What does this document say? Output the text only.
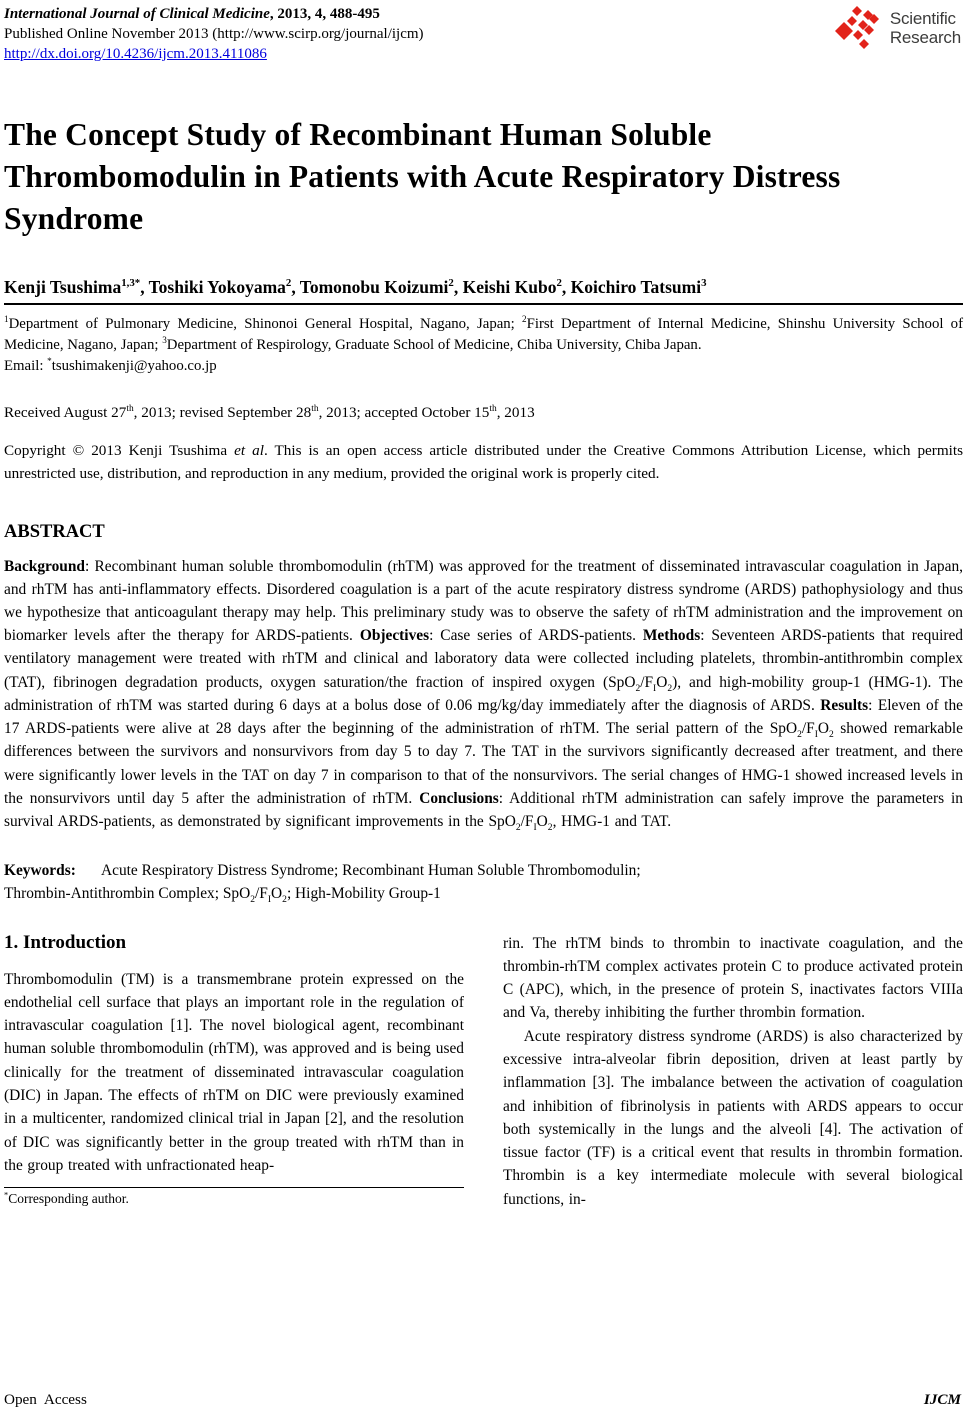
International Journal of Clinical Medicine, 2013, 4, 488-495
Published Online November 2013 (http://www.scirp.org/journal/ijcm)
http://dx.doi.org/10.4236/ijcm.2013.411086
Scientific
Research
The Concept Study of Recombinant Human Soluble Thrombomodulin in Patients with Acute Respiratory Distress Syndrome
Kenji Tsushima$^{1,3*}$, Toshiki Yokoyama$^2$, Tomonobu Koizumi$^2$, Keishi Kubo$^2$, Koichiro Tatsumi$^3$

$^1$Department of Pulmonary Medicine, Shinonoi General Hospital, Nagano, Japan; $^2$First Department of Internal Medicine, Shinshu University School of Medicine, Nagano, Japan; $^3$Department of Respirology, Graduate School of Medicine, Chiba University, Chiba Japan.

Email: *tsushimakenji@yahoo.co.jp

Received August 27th, 2013; revised September 28th, 2013; accepted October 15th, 2013

Copyright © 2013 Kenji Tsushima et al. This is an open access article distributed under the Creative Commons Attribution License, which permits unrestricted use, distribution, and reproduction in any medium, provided the original work is properly cited.

ABSTRACT

Background: Recombinant human soluble thrombomodulin (rhTM) was approved for the treatment of disseminated intravascular coagulation in Japan, and rhTM has anti-inflammatory effects. Disordered coagulation is a part of the acute respiratory distress syndrome (ARDS) pathophysiology and thus we hypothesize that anticoagulant therapy may help. This preliminary study was to observe the safety of rhTM administration and the improvement on biomarker levels after the therapy for ARDS-patients. Objectives: Case series of ARDS-patients. Methods: Seventeen ARDS-patients that required ventilatory management were treated with rhTM and clinical and laboratory data were collected including platelets, thrombin-antithrombin complex (TAT), fibrinogen degradation products, oxygen saturation/the fraction of inspired oxygen $(SpO_2/F_IO_2)$, and high-mobility group-1 (HMG-1). The administration of rhTM was started during 6 days at a bolus dose of 0.06 mg/kg/day immediately after the diagnosis of ARDS. Results: Eleven of the 17 ARDS-patients were alive at 28 days after the beginning of the administration of rhTM. The serial pattern of the $SpO_2/F_IO_2$ showed remarkable differences between the survivors and nonsurvivors from day 5 to day 7. The TAT in the survivors significantly decreased after treatment, and there were significantly lower levels in the TAT on day 7 in comparison to that of the nonsurvivors. The serial changes of HMG-1 showed increased levels in the nonsurvivors until day 5 after the administration of rhTM. Conclusions: Additional rhTM administration can safely improve the parameters in survival ARDS-patients, as demonstrated by significant improvements in the $SpO_2/F_IO_2$, HMG-1 and TAT.

Keywords: Acute Respiratory Distress Syndrome; Recombinant Human Soluble Thrombomodulin;
Thrombin-Antithrombin Complex; $SpO_2/F_IO_2$; High-Mobility Group-1

1. Introduction

Thrombomodulin (TM) is a transmembrane protein expressed on the endothelial cell surface that plays an important role in the regulation of intravascular coagulation [1]. The novel biological agent, recombinant human soluble thrombomodulin (rhTM), was approved and is being used clinically for the treatment of disseminated intravascular coagulation (DIC) in Japan. The effects of rhTM on DIC were previously examined in a multicenter, randomized clinical trial in Japan [2], and the resolution of DIC was significantly better in the group treated with rhTM than in the group treated with unfractionated heap-

*Corresponding author.

rin. The rhTM binds to thrombin to inactivate coagulation, and the thrombin-rhTM complex activates protein C to produce activated protein C (APC), which, in the presence of protein S, inactivates factors VIIIa and Va, thereby inhibiting the further thrombin formation.

Acute respiratory distress syndrome (ARDS) is also characterized by excessive intra-alveolar fibrin deposition, driven at least partly by inflammation [3]. The imbalance between the activation of coagulation and inhibition of fibrinolysis in patients with ARDS appears to occur both systemically in the lungs and the alveoli [4]. The activation of tissue factor (TF) is a critical event that results in thrombin formation. Thrombin is a key intermediate molecule with several biological functions, in-

Open Access	IJCM
